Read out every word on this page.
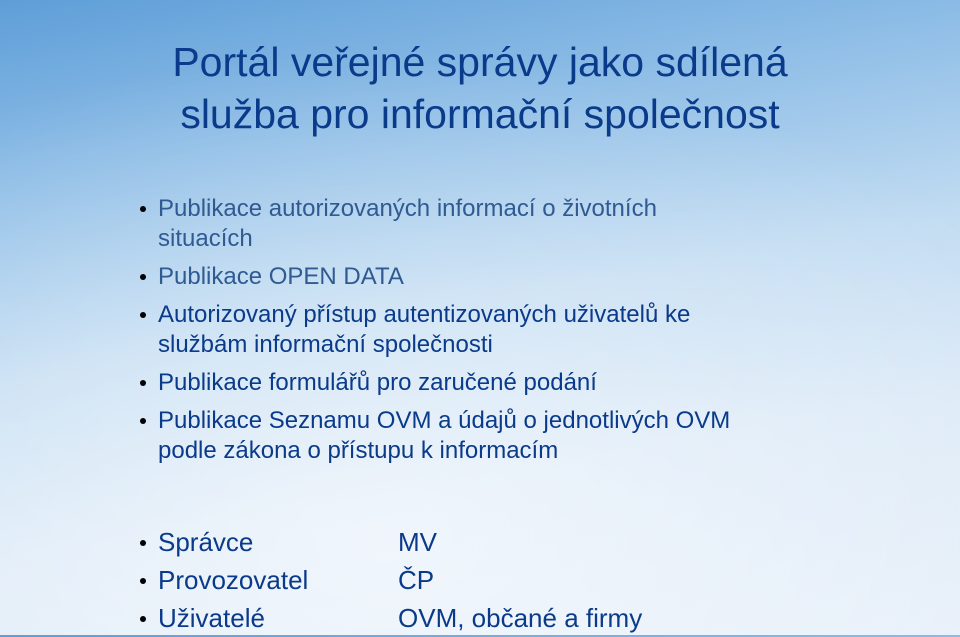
Portál veřejné správy jako sdílená
služba pro informační společnost
Publikace autorizovaných informací o životních
situacích
Publikace OPEN DATA
Autorizovaný přístup autentizovaných uživatelů ke
službám informační společnosti
Publikace formulářů pro zaručené podání
Publikace Seznamu OVM a údajů o jednotlivých OVM
podle zákona o přístupu k informacím
Správce	MV
Provozovatel	ČP
Uživatelé	OVM, občané a firmy
